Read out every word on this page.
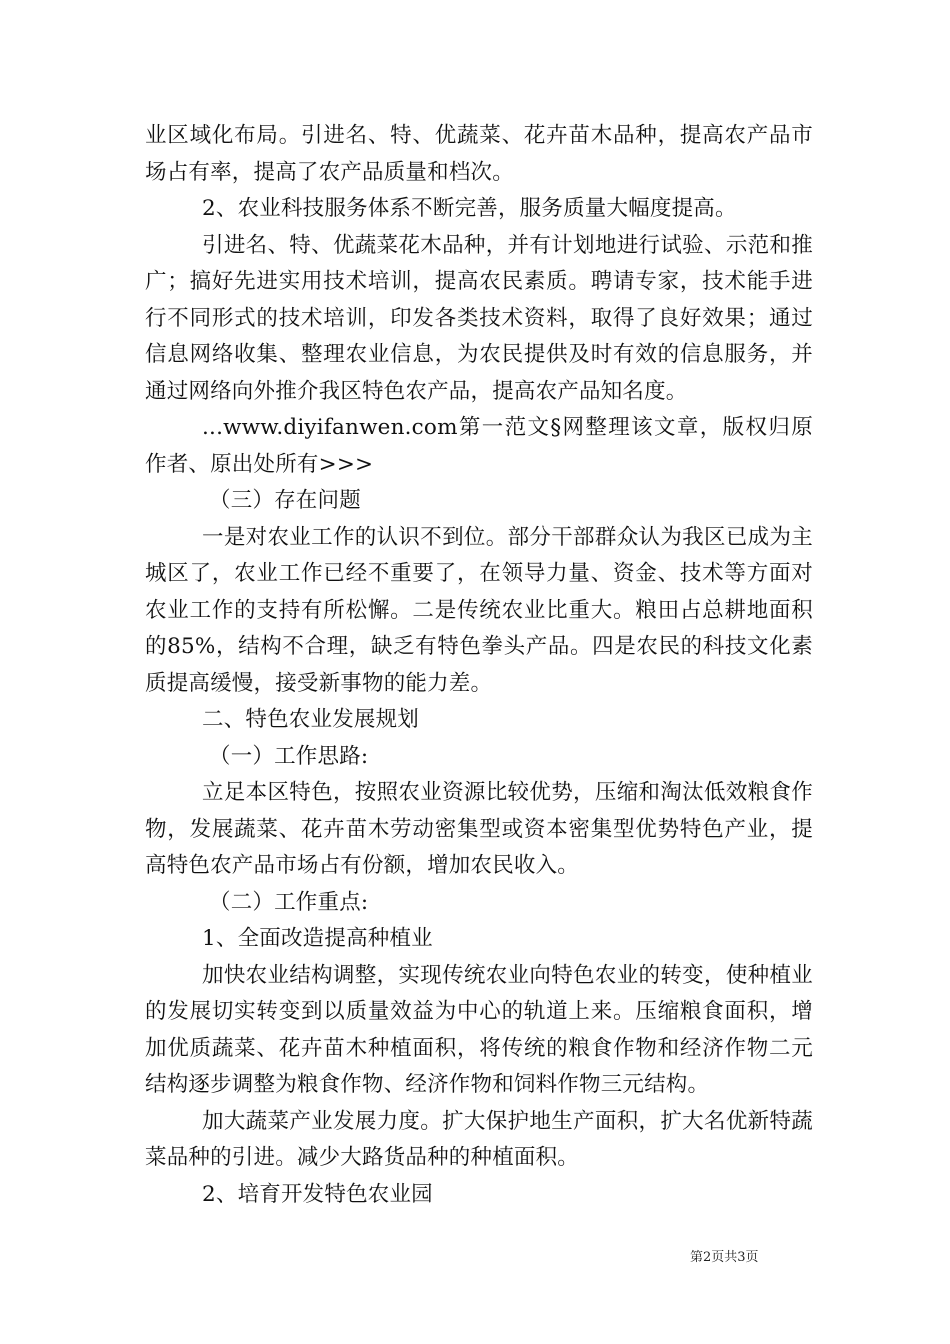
业区域化布局。引进名、特、优蔬菜、花卉苗木品种，提高农产品市场占有率，提高了农产品质量和档次。

2、农业科技服务体系不断完善，服务质量大幅度提高。

引进名、特、优蔬菜花木品种，并有计划地进行试验、示范和推广；搞好先进实用技术培训，提高农民素质。聘请专家，技术能手进行不同形式的技术培训，印发各类技术资料，取得了良好效果；通过信息网络收集、整理农业信息，为农民提供及时有效的信息服务，并通过网络向外推介我区特色农产品，提高农产品知名度。

...www.diyifanwen.com第一范文§网整理该文章，版权归原作者、原出处所有>>>

（三）存在问题

一是对农业工作的认识不到位。部分干部群众认为我区已成为主城区了，农业工作已经不重要了，在领导力量、资金、技术等方面对农业工作的支持有所松懈。二是传统农业比重大。粮田占总耕地面积的85%，结构不合理，缺乏有特色拳头产品。四是农民的科技文化素质提高缓慢，接受新事物的能力差。

二、特色农业发展规划

（一）工作思路:

立足本区特色，按照农业资源比较优势，压缩和淘汰低效粮食作物，发展蔬菜、花卉苗木劳动密集型或资本密集型优势特色产业，提高特色农产品市场占有份额，增加农民收入。

（二）工作重点:

1、全面改造提高种植业

加快农业结构调整，实现传统农业向特色农业的转变，使种植业的发展切实转变到以质量效益为中心的轨道上来。压缩粮食面积，增加优质蔬菜、花卉苗木种植面积，将传统的粮食作物和经济作物二元结构逐步调整为粮食作物、经济作物和饲料作物三元结构。

加大蔬菜产业发展力度。扩大保护地生产面积，扩大名优新特蔬菜品种的引进。减少大路货品种的种植面积。

2、培育开发特色农业园

第2页共3页
